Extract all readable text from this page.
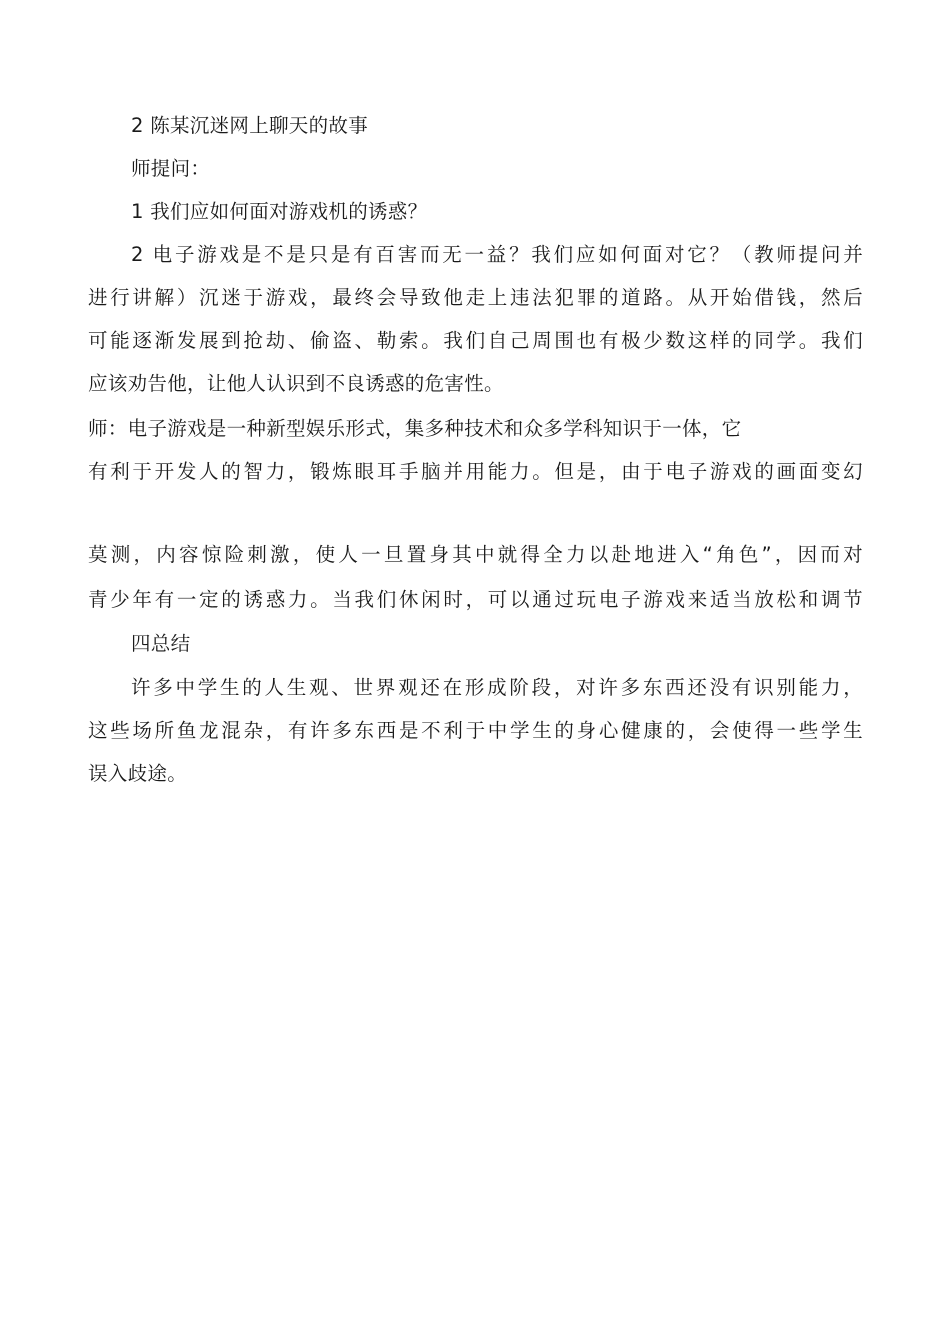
2 陈某沉迷网上聊天的故事
师提问：
1 我们应如何面对游戏机的诱惑？
2 电子游戏是不是只是有百害而无一益？我们应如何面对它？（教师提问并
进行讲解）沉迷于游戏，最终会导致他走上违法犯罪的道路。从开始借钱，然后
可能逐渐发展到抢劫、偷盗、勒索。我们自己周围也有极少数这样的同学。我们
应该劝告他，让他人认识到不良诱惑的危害性。
师：电子游戏是一种新型娱乐形式，集多种技术和众多学科知识于一体，它
有利于开发人的智力，锻炼眼耳手脑并用能力。但是，由于电子游戏的画面变幻
莫测，内容惊险刺激，使人一旦置身其中就得全力以赴地进入“角色”，因而对
青少年有一定的诱惑力。当我们休闲时，可以通过玩电子游戏来适当放松和调节
四总结
许多中学生的人生观、世界观还在形成阶段，对许多东西还没有识别能力，
这些场所鱼龙混杂，有许多东西是不利于中学生的身心健康的，会使得一些学生
误入歧途。
